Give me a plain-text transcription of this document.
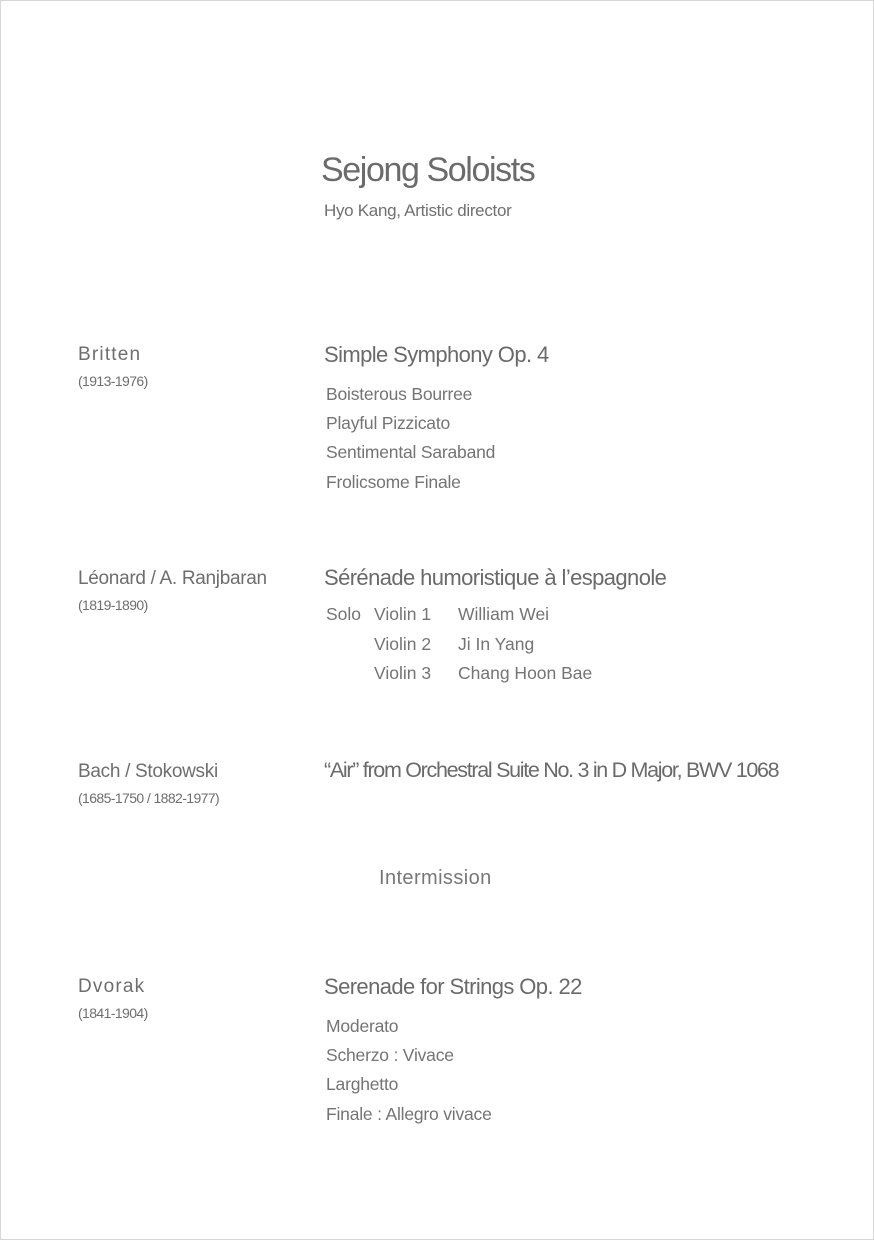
Sejong Soloists
Hyo Kang, Artistic director
Britten
(1913-1976)
Simple Symphony Op. 4
Boisterous Bourree
Playful Pizzicato
Sentimental Saraband
Frolicsome Finale
Léonard / A. Ranjbaran
(1819-1890)
Sérénade humoristique à l’espagnole
Solo Violin 1 William Wei
Violin 2 Ji In Yang
Violin 3 Chang Hoon Bae
Bach / Stokowski
(1685-1750 / 1882-1977)
“Air” from Orchestral Suite No. 3 in D Major, BWV 1068
Intermission
Dvorak
(1841-1904)
Serenade for Strings Op. 22
Moderato
Scherzo : Vivace
Larghetto
Finale : Allegro vivace
